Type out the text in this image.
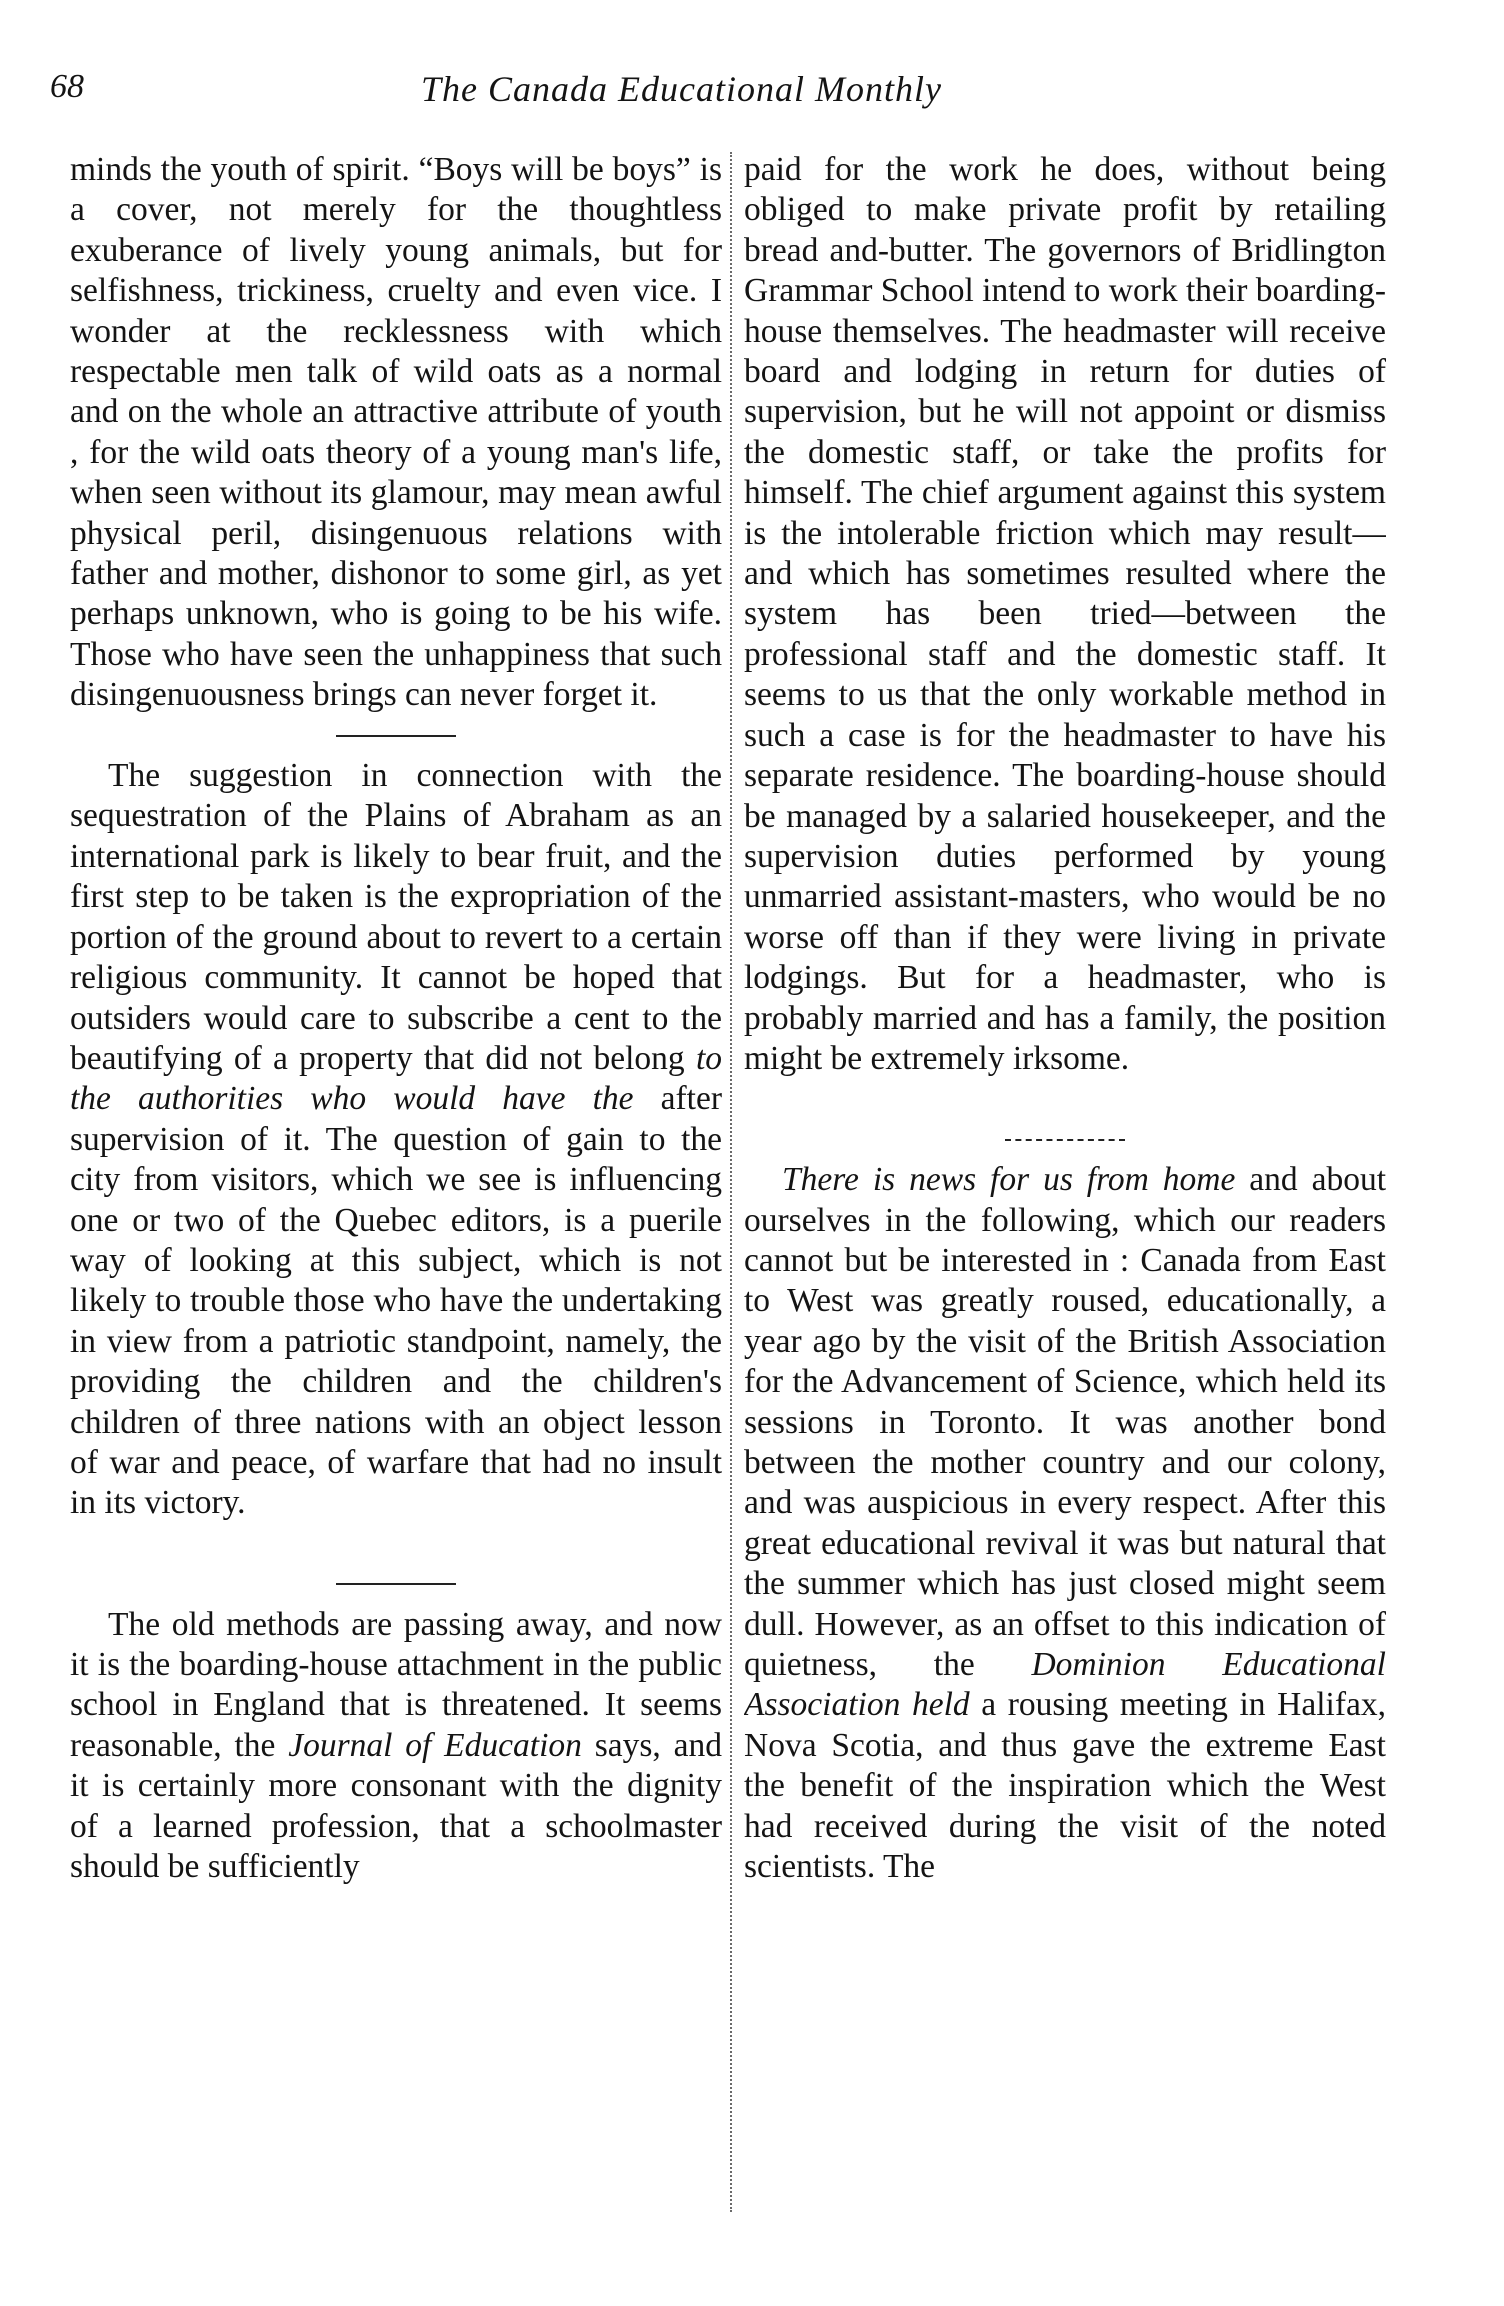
68	The Canada Educational Monthly

minds the youth of spirit. “Boys will be boys” is a cover, not merely for the thoughtless exuberance of lively young animals, but for selfishness, trickiness, cruelty and even vice. I wonder at the recklessness with which respectable men talk of wild oats as a normal and on the whole an attractive attribute of youth , for the wild oats theory of a young man's life, when seen without its glamour, may mean awful physical peril, disingenuous relations with father and mother, dishonor to some girl, as yet perhaps unknown, who is going to be his wife. Those who have seen the unhappiness that such disingenuousness brings can never forget it.

The suggestion in connection with the sequestration of the Plains of Abraham as an international park is likely to bear fruit, and the first step to be taken is the expropriation of the portion of the ground about to revert to a certain religious community. It cannot be hoped that outsiders would care to subscribe a cent to the beautifying of a property that did not belong to the authorities who would have the after supervision of it. The question of gain to the city from visitors, which we see is influencing one or two of the Quebec editors, is a puerile way of looking at this subject, which is not likely to trouble those who have the undertaking in view from a patriotic standpoint, namely, the providing the children and the children's children of three nations with an object lesson of war and peace, of warfare that had no insult in its victory.

The old methods are passing away, and now it is the boarding-house attachment in the public school in England that is threatened. It seems reasonable, the Journal of Education says, and it is certainly more consonant with the dignity of a learned profession, that a schoolmaster should be sufficiently

paid for the work he does, without being obliged to make private profit by retailing bread and-butter. The governors of Bridlington Grammar School intend to work their boarding-house themselves. The headmaster will receive board and lodging in return for duties of supervision, but he will not appoint or dismiss the domestic staff, or take the profits for himself. The chief argument against this system is the intolerable friction which may result—and which has sometimes resulted where the system has been tried—between the professional staff and the domestic staff. It seems to us that the only workable method in such a case is for the headmaster to have his separate residence. The boarding-house should be managed by a salaried housekeeper, and the supervision duties performed by young unmarried assistant-masters, who would be no worse off than if they were living in private lodgings. But for a headmaster, who is probably married and has a family, the position might be extremely irksome.

There is news for us from home and about ourselves in the following, which our readers cannot but be interested in : Canada from East to West was greatly roused, educationally, a year ago by the visit of the British Association for the Advancement of Science, which held its sessions in Toronto. It was another bond between the mother country and our colony, and was auspicious in every respect. After this great educational revival it was but natural that the summer which has just closed might seem dull. However, as an offset to this indication of quietness, the Dominion Educational Association held a rousing meeting in Halifax, Nova Scotia, and thus gave the extreme East the benefit of the inspiration which the West had received during the visit of the noted scientists. The
